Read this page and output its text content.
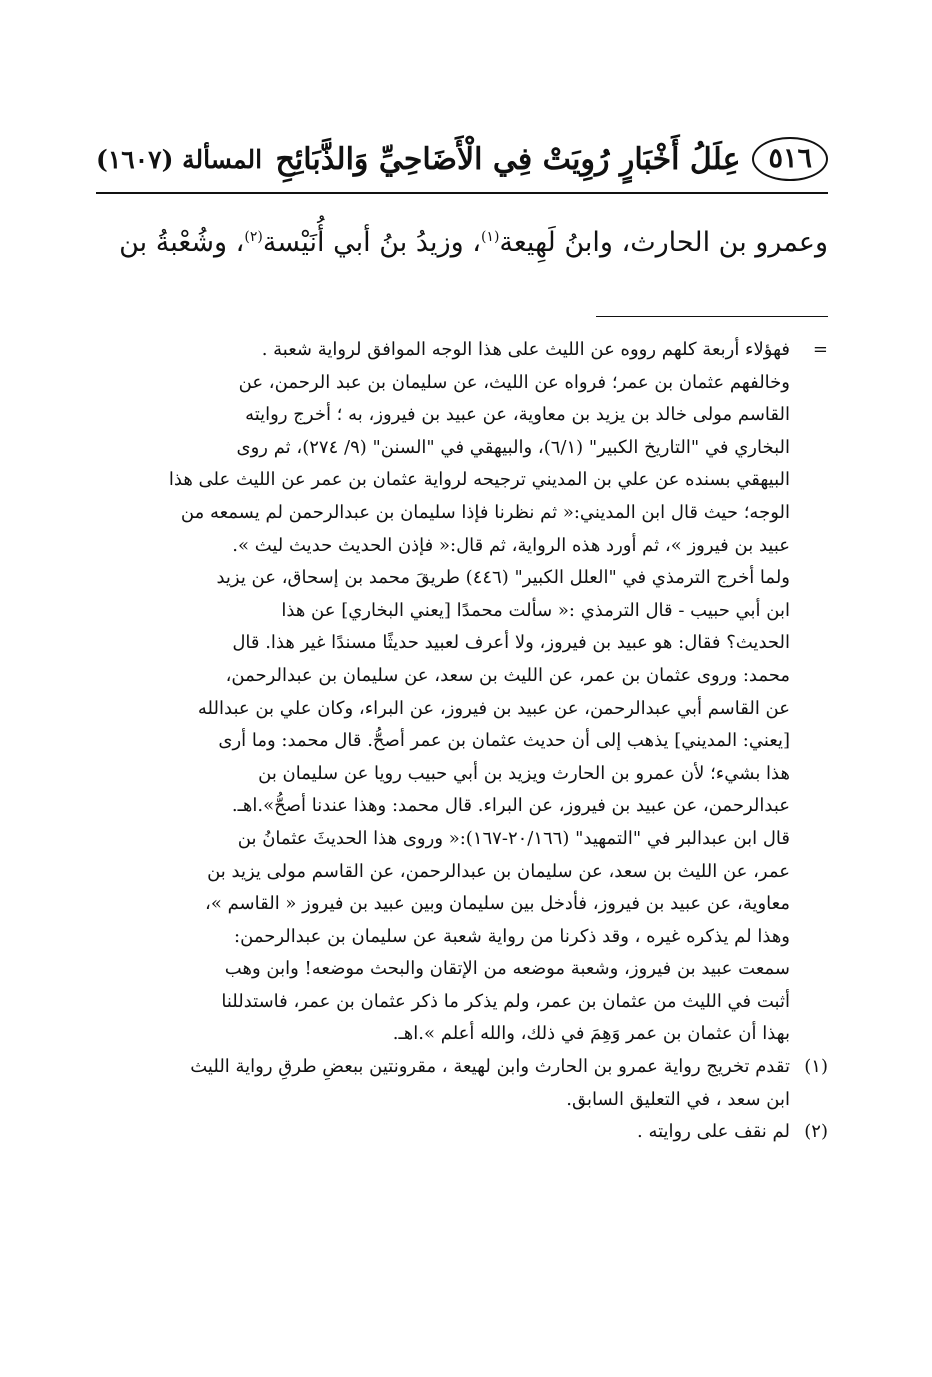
٥١٦
عِلَلُ أَخْبَارٍ رُوِيَتْ فِي الْأَضَاحِيِّ وَالذَّبَائِحِ
المسألة (١٦٠٧)
وعمرو بن الحارث، وابنُ لَهِيعة$^{(١)}$، وزيدُ بنُ أبي أُنَيْسة$^{(٢)}$، وشُعْبةُ بن
=
فهؤلاء أربعة كلهم رووه عن الليث على هذا الوجه الموافق لرواية شعبة .
وخالفهم عثمان بن عمر؛ فرواه عن الليث، عن سليمان بن عبد الرحمن، عن
القاسم مولى خالد بن يزيد بن معاوية، عن عبيد بن فيروز، به ؛ أخرج روايته
البخاري في "التاريخ الكبير" (٦/١)، والبيهقي في "السنن" (٩/ ٢٧٤)، ثم روى
البيهقي بسنده عن علي بن المديني ترجيحه لرواية عثمان بن عمر عن الليث على هذا
الوجه؛ حيث قال ابن المديني:« ثم نظرنا فإذا سليمان بن عبدالرحمن لم يسمعه من
عبيد بن فيروز »، ثم أورد هذه الرواية، ثم قال:« فإذن الحديث حديث ليث ».
ولما أخرج الترمذي في "العلل الكبير" (٤٤٦) طريقَ محمد بن إسحاق، عن يزيد
ابن أبي حبيب - قال الترمذي :« سألت محمدًا [يعني البخاري] عن هذا
الحديث؟ فقال: هو عبيد بن فيروز، ولا أعرف لعبيد حديثًا مسندًا غير هذا. قال
محمد: وروى عثمان بن عمر، عن الليث بن سعد، عن سليمان بن عبدالرحمن،
عن القاسم أبي عبدالرحمن، عن عبيد بن فيروز، عن البراء، وكان علي بن عبدالله
[يعني: المديني] يذهب إلى أن حديث عثمان بن عمر أصحُّ. قال محمد: وما أرى
هذا بشيء؛ لأن عمرو بن الحارث ويزيد بن أبي حبيب رويا عن سليمان بن
عبدالرحمن، عن عبيد بن فيروز، عن البراء. قال محمد: وهذا عندنا أصحُّ».اهـ.
قال ابن عبدالبر في "التمهيد" (٢٠/١٦٦-١٦٧):« وروى هذا الحديثَ عثمانُ بن
عمر، عن الليث بن سعد، عن سليمان بن عبدالرحمن، عن القاسم مولى يزيد بن
معاوية، عن عبيد بن فيروز، فأدخل بين سليمان وبين عبيد بن فيروز « القاسم »،
وهذا لم يذكره غيره ، وقد ذكرنا من رواية شعبة عن سليمان بن عبدالرحمن:
سمعت عبيد بن فيروز، وشعبة موضعه من الإتقان والبحث موضعه! وابن وهب
أثبت في الليث من عثمان بن عمر، ولم يذكر ما ذكر عثمان بن عمر، فاستدللنا
بهذا أن عثمان بن عمر وَهِمَ في ذلك، والله أعلم ».اهـ.
(١)
تقدم تخريج رواية عمرو بن الحارث وابن لهيعة ، مقرونتين ببعضِ طرقِ رواية الليث
ابن سعد ، في التعليق السابق.
(٢)
لم نقف على روايته .
